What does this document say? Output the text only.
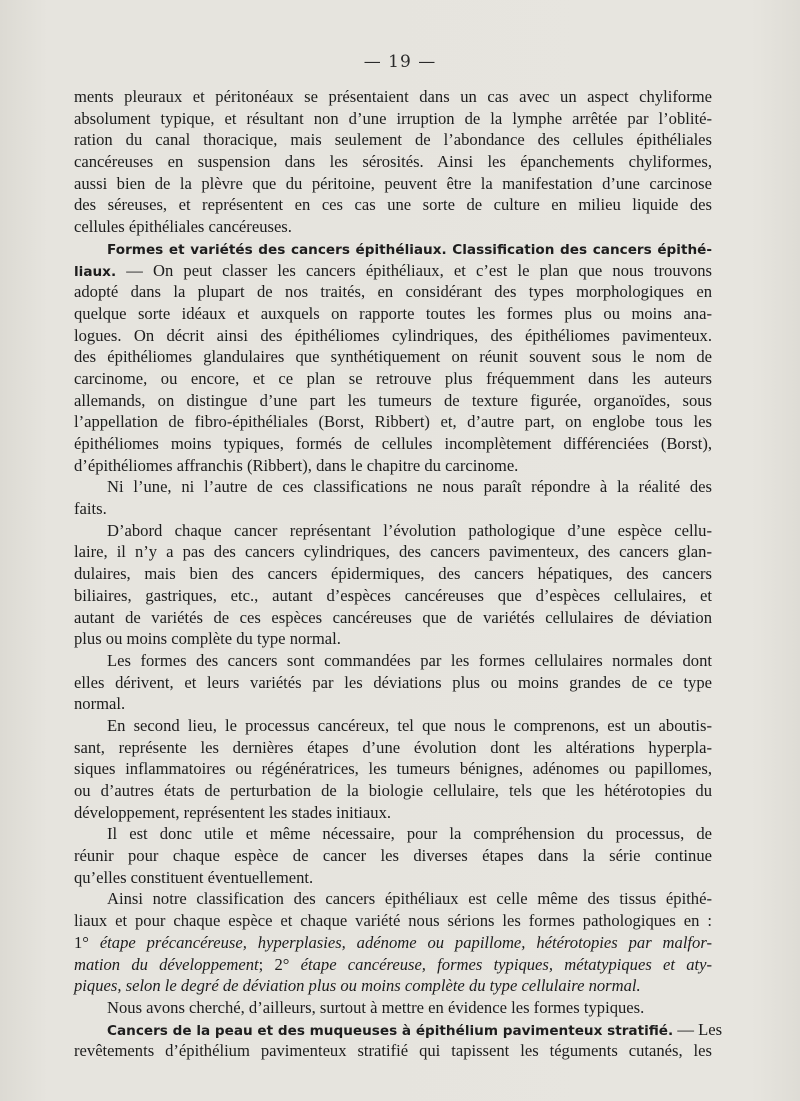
— 19 —
ments pleuraux et péritonéaux se présentaient dans un cas avec un aspect chyliforme
absolument typique, et résultant non d’une irruption de la lymphe arrêtée par l’oblité-
ration du canal thoracique, mais seulement de l’abondance des cellules épithéliales
cancéreuses en suspension dans les sérosités. Ainsi les épanchements chyliformes,
aussi bien de la plèvre que du péritoine, peuvent être la manifestation d’une carcinose
des séreuses, et représentent en ces cas une sorte de culture en milieu liquide des
cellules épithéliales cancéreuses.
Formes et variétés des cancers épithéliaux. Classification des cancers épithé-
liaux. — On peut classer les cancers épithéliaux, et c’est le plan que nous trouvons
adopté dans la plupart de nos traités, en considérant des types morphologiques en
quelque sorte idéaux et auxquels on rapporte toutes les formes plus ou moins ana-
logues. On décrit ainsi des épithéliomes cylindriques, des épithéliomes pavimenteux.
des épithéliomes glandulaires que synthétiquement on réunit souvent sous le nom de
carcinome, ou encore, et ce plan se retrouve plus fréquemment dans les auteurs
allemands, on distingue d’une part les tumeurs de texture figurée, organoïdes, sous
l’appellation de fibro-épithéliales (Borst, Ribbert) et, d’autre part, on englobe tous les
épithéliomes moins typiques, formés de cellules incomplètement différenciées (Borst),
d’épithéliomes affranchis (Ribbert), dans le chapitre du carcinome.
Ni l’une, ni l’autre de ces classifications ne nous paraît répondre à la réalité des
faits.
D’abord chaque cancer représentant l’évolution pathologique d’une espèce cellu-
laire, il n’y a pas des cancers cylindriques, des cancers pavimenteux, des cancers glan-
dulaires, mais bien des cancers épidermiques, des cancers hépatiques, des cancers
biliaires, gastriques, etc., autant d’espèces cancéreuses que d’espèces cellulaires, et
autant de variétés de ces espèces cancéreuses que de variétés cellulaires de déviation
plus ou moins complète du type normal.
Les formes des cancers sont commandées par les formes cellulaires normales dont
elles dérivent, et leurs variétés par les déviations plus ou moins grandes de ce type
normal.
En second lieu, le processus cancéreux, tel que nous le comprenons, est un aboutis-
sant, représente les dernières étapes d’une évolution dont les altérations hyperpla-
siques inflammatoires ou régénératrices, les tumeurs bénignes, adénomes ou papillomes,
ou d’autres états de perturbation de la biologie cellulaire, tels que les hétérotopies du
développement, représentent les stades initiaux.
Il est donc utile et même nécessaire, pour la compréhension du processus, de
réunir pour chaque espèce de cancer les diverses étapes dans la série continue
qu’elles constituent éventuellement.
Ainsi notre classification des cancers épithéliaux est celle même des tissus épithé-
liaux et pour chaque espèce et chaque variété nous sérions les formes pathologiques en :
1° étape précancéreuse, hyperplasies, adénome ou papillome, hétérotopies par malfor-
mation du développement; 2° étape cancéreuse, formes typiques, métatypiques et aty-
piques, selon le degré de déviation plus ou moins complète du type cellulaire normal.
Nous avons cherché, d’ailleurs, surtout à mettre en évidence les formes typiques.
Cancers de la peau et des muqueuses à épithélium pavimenteux stratifié. — Les
revêtements d’épithélium pavimenteux stratifié qui tapissent les téguments cutanés, les
